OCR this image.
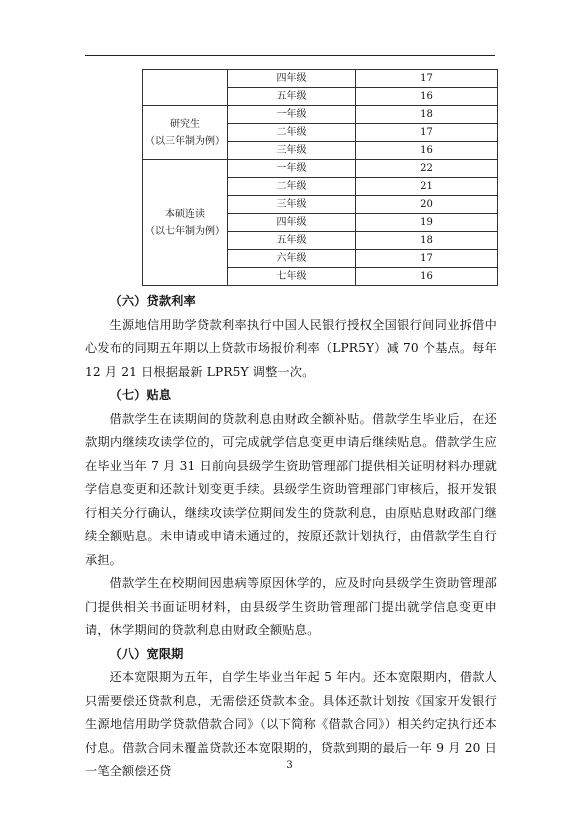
	四年级	17
	五年级	16

研究生
（以三年制为例）	一年级	18
	二年级	17
	三年级	16

本硕连读
（以七年制为例）	一年级	22
	二年级	21
	三年级	20
	四年级	19
	五年级	18
	六年级	17
	七年级	16

（六）贷款利率

生源地信用助学贷款利率执行中国人民银行授权全国银行间同业拆借中心发布的同期五年期以上贷款市场报价利率（LPR5Y）减 70 个基点。每年 12 月 21 日根据最新 LPR5Y 调整一次。

（七）贴息

借款学生在读期间的贷款利息由财政全额补贴。借款学生毕业后，在还款期内继续攻读学位的，可完成就学信息变更申请后继续贴息。借款学生应在毕业当年 7 月 31 日前向县级学生资助管理部门提供相关证明材料办理就学信息变更和还款计划变更手续。县级学生资助管理部门审核后，报开发银行相关分行确认，继续攻读学位期间发生的贷款利息，由原贴息财政部门继续全额贴息。未申请或申请未通过的，按原还款计划执行，由借款学生自行承担。

借款学生在校期间因患病等原因休学的，应及时向县级学生资助管理部门提供相关书面证明材料，由县级学生资助管理部门提出就学信息变更申请，休学期间的贷款利息由财政全额贴息。

（八）宽限期

还本宽限期为五年，自学生毕业当年起 5 年内。还本宽限期内，借款人只需要偿还贷款利息，无需偿还贷款本金。具体还款计划按《国家开发银行生源地信用助学贷款借款合同》（以下简称《借款合同》）相关约定执行还本付息。借款合同未覆盖贷款还本宽限期的，贷款到期的最后一年 9 月 20 日一笔全额偿还贷	3
